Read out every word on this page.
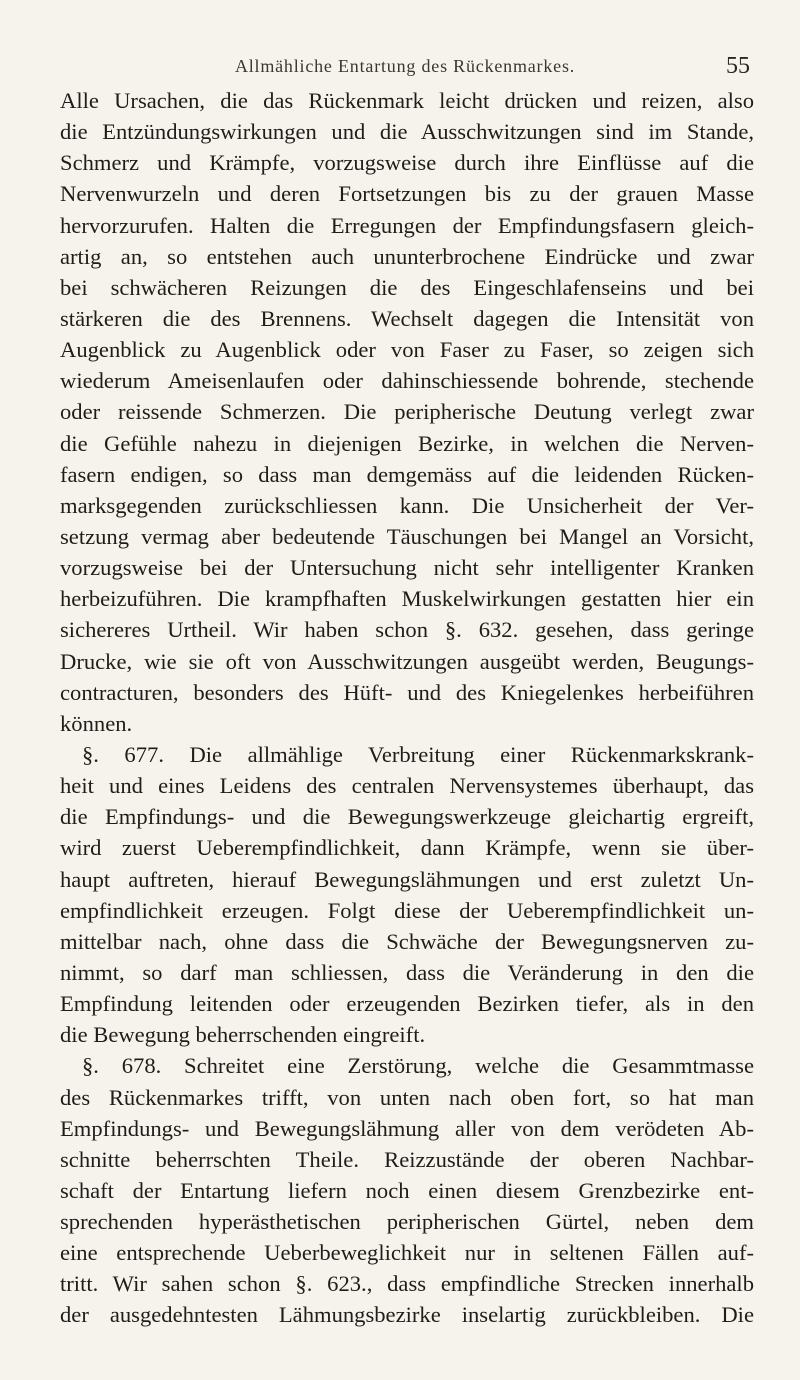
Allmähliche Entartung des Rückenmarkes.	55
Alle Ursachen, die das Rückenmark leicht drücken und reizen, also
die Entzündungswirkungen und die Ausschwitzungen sind im Stande,
Schmerz und Krämpfe, vorzugsweise durch ihre Einflüsse auf die
Nervenwurzeln und deren Fortsetzungen bis zu der grauen Masse
hervorzurufen. Halten die Erregungen der Empfindungsfasern gleich-
artig an, so entstehen auch ununterbrochene Eindrücke und zwar
bei schwächeren Reizungen die des Eingeschlafenseins und bei
stärkeren die des Brennens. Wechselt dagegen die Intensität von
Augenblick zu Augenblick oder von Faser zu Faser, so zeigen sich
wiederum Ameisenlaufen oder dahinschiessende bohrende, stechende
oder reissende Schmerzen. Die peripherische Deutung verlegt zwar
die Gefühle nahezu in diejenigen Bezirke, in welchen die Nerven-
fasern endigen, so dass man demgemäss auf die leidenden Rücken-
marksgegenden zurückschliessen kann. Die Unsicherheit der Ver-
setzung vermag aber bedeutende Täuschungen bei Mangel an Vorsicht,
vorzugsweise bei der Untersuchung nicht sehr intelligenter Kranken
herbeizuführen. Die krampfhaften Muskelwirkungen gestatten hier ein
sichereres Urtheil. Wir haben schon §. 632. gesehen, dass geringe
Drucke, wie sie oft von Ausschwitzungen ausgeübt werden, Beugungs-
contracturen, besonders des Hüft- und des Kniegelenkes herbeiführen
können.
§. 677. Die allmählige Verbreitung einer Rückenmarkskrank-
heit und eines Leidens des centralen Nervensystemes überhaupt, das
die Empfindungs- und die Bewegungswerkzeuge gleichartig ergreift,
wird zuerst Ueberempfindlichkeit, dann Krämpfe, wenn sie über-
haupt auftreten, hierauf Bewegungslähmungen und erst zuletzt Un-
empfindlichkeit erzeugen. Folgt diese der Ueberempfindlichkeit un-
mittelbar nach, ohne dass die Schwäche der Bewegungsnerven zu-
nimmt, so darf man schliessen, dass die Veränderung in den die
Empfindung leitenden oder erzeugenden Bezirken tiefer, als in den
die Bewegung beherrschenden eingreift.
§. 678. Schreitet eine Zerstörung, welche die Gesammtmasse
des Rückenmarkes trifft, von unten nach oben fort, so hat man
Empfindungs- und Bewegungslähmung aller von dem verödeten Ab-
schnitte beherrschten Theile. Reizzustände der oberen Nachbar-
schaft der Entartung liefern noch einen diesem Grenzbezirke ent-
sprechenden hyperästhetischen peripherischen Gürtel, neben dem
eine entsprechende Ueberbeweglichkeit nur in seltenen Fällen auf-
tritt. Wir sahen schon §. 623., dass empfindliche Strecken innerhalb
der ausgedehntesten Lähmungsbezirke inselartig zurückbleiben. Die
